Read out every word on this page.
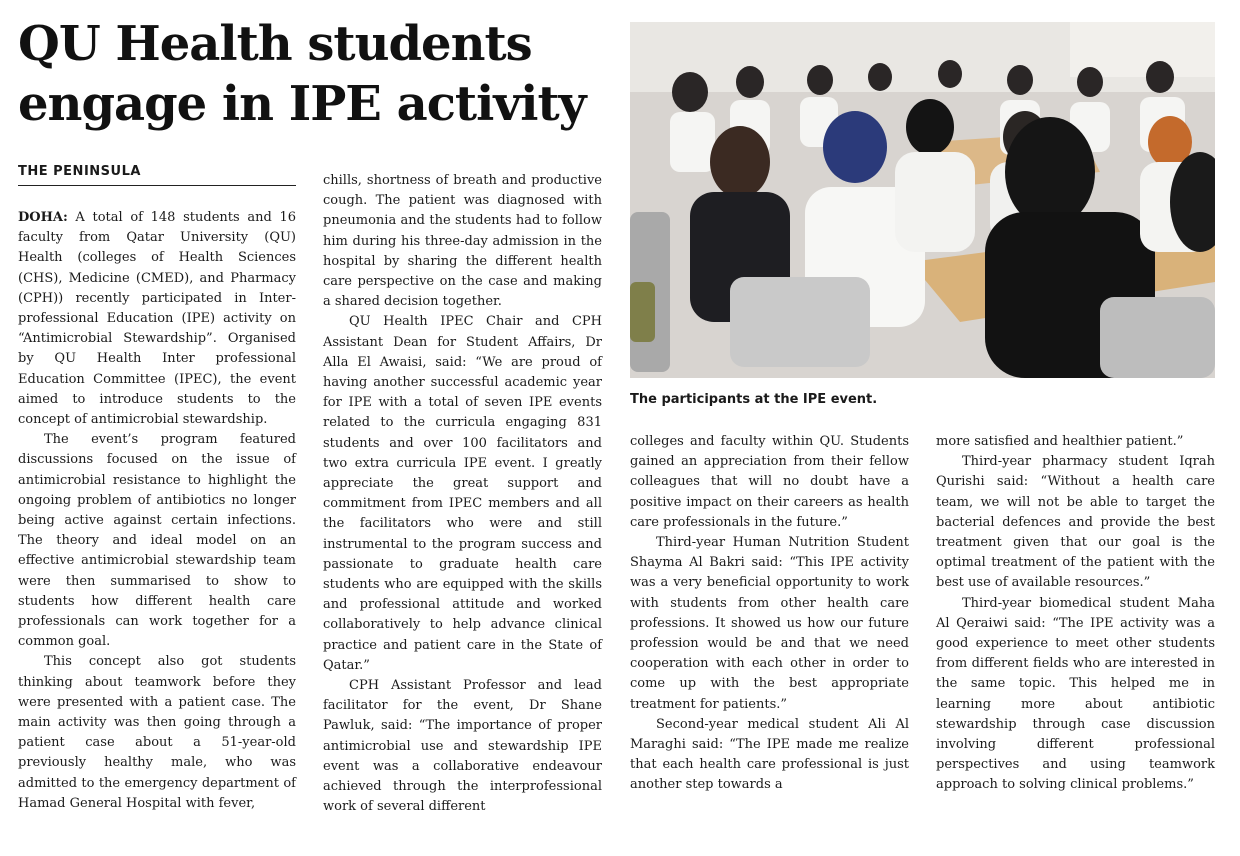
QU Health students
engage in IPE activity
THE PENINSULA

DOHA: A total of 148 students and 16 faculty from Qatar University (QU) Health (colleges of Health Sciences (CHS), Medicine (CMED), and Pharmacy (CPH)) recently participated in Inter-professional Education (IPE) activity on “Antimicrobial Stewardship”. Organised by QU Health Inter professional Education Committee (IPEC), the event aimed to introduce students to the concept of antimicrobial stewardship.

The event’s program featured discussions focused on the issue of antimicrobial resistance to highlight the ongoing problem of antibiotics no longer being active against certain infections. The theory and ideal model on an effective antimicrobial stewardship team were then summarised to show to students how different health care professionals can work together for a common goal.

This concept also got students thinking about teamwork before they were presented with a patient case. The main activity was then going through a patient case about a 51-year-old previously healthy male, who was admitted to the emergency department of Hamad General Hospital with fever,

chills, shortness of breath and productive cough. The patient was diagnosed with pneumonia and the students had to follow him during his three-day admission in the hospital by sharing the different health care perspective on the case and making a shared decision together.

QU Health IPEC Chair and CPH Assistant Dean for Student Affairs, Dr Alla El Awaisi, said: “We are proud of having another successful academic year for IPE with a total of seven IPE events related to the curricula engaging 831 students and over 100 facilitators and two extra curricula IPE event. I greatly appreciate the great support and commitment from IPEC members and all the facilitators who were and still instrumental to the program success and passionate to graduate health care students who are equipped with the skills and professional attitude and worked collaboratively to help advance clinical practice and patient care in the State of Qatar.”

CPH Assistant Professor and lead facilitator for the event, Dr Shane Pawluk, said: “The importance of proper antimicrobial use and stewardship IPE event was a collaborative endeavour achieved through the interprofessional work of several different

The participants at the IPE event.

colleges and faculty within QU. Students gained an appreciation from their fellow colleagues that will no doubt have a positive impact on their careers as health care professionals in the future.”

Third-year Human Nutrition Student Shayma Al Bakri said: “This IPE activity was a very beneficial opportunity to work with students from other health care professions. It showed us how our future profession would be and that we need cooperation with each other in order to come up with the best appropriate treatment for patients.”

Second-year medical student Ali Al Maraghi said: “The IPE made me realize that each health care professional is just another step towards a

more satisfied and healthier patient.”

Third-year pharmacy student Iqrah Qurishi said: “Without a health care team, we will not be able to target the bacterial defences and provide the best treatment given that our goal is the optimal treatment of the patient with the best use of available resources.”

Third-year biomedical student Maha Al Qeraiwi said: “The IPE activity was a good experience to meet other students from different fields who are interested in the same topic. This helped me in learning more about antibiotic stewardship through case discussion involving different professional perspectives and using teamwork approach to solving clinical problems.”
